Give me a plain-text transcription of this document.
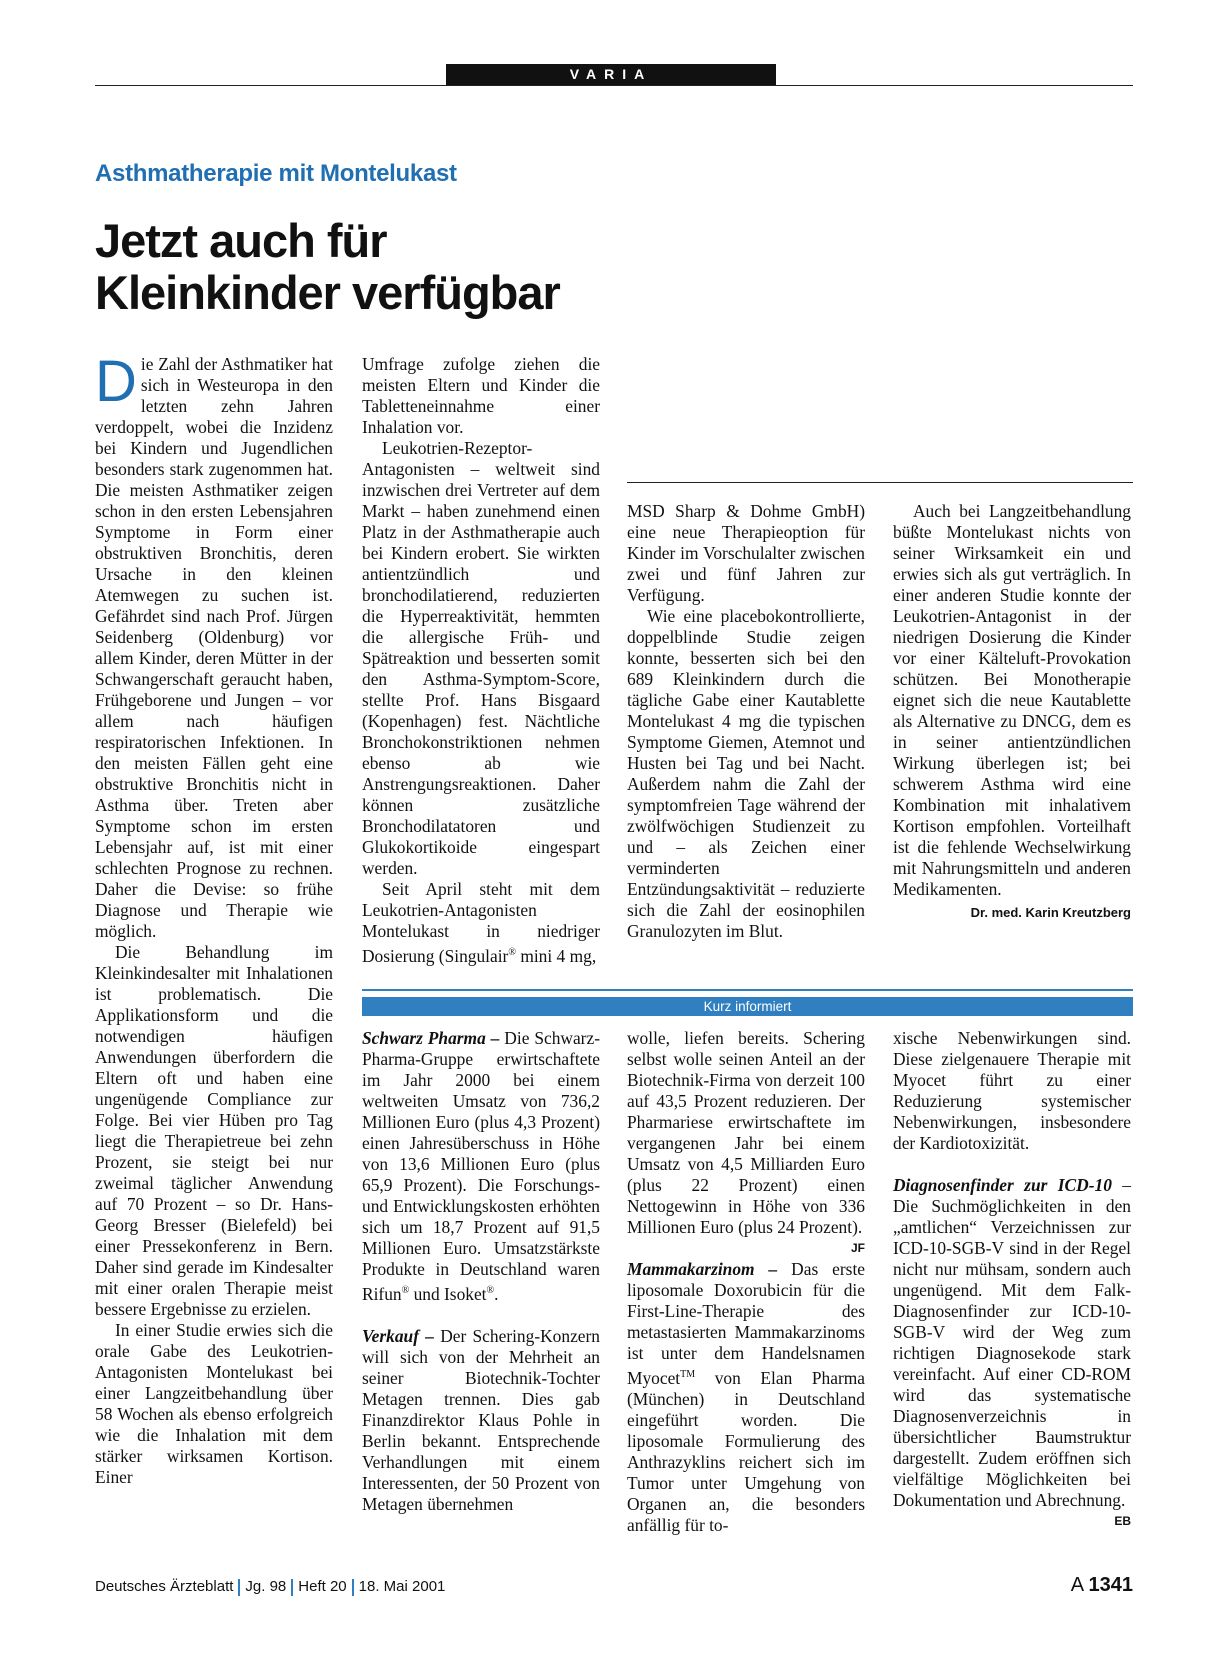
VARIA
Asthmatherapie mit Montelukast
Jetzt auch für
Kleinkinder verfügbar

Die Zahl der Asthmatiker hat sich in Westeuropa in den letzten zehn Jahren verdoppelt, wobei die Inzidenz bei Kindern und Jugendlichen besonders stark zugenommen hat. Die meisten Asthmatiker zeigen schon in den ersten Lebensjahren Symptome in Form einer obstruktiven Bronchitis, deren Ursache in den kleinen Atemwegen zu suchen ist. Gefährdet sind nach Prof. Jürgen Seidenberg (Oldenburg) vor allem Kinder, deren Mütter in der Schwangerschaft geraucht haben, Frühgeborene und Jungen – vor allem nach häufigen respiratorischen Infektionen. In den meisten Fällen geht eine obstruktive Bronchitis nicht in Asthma über. Treten aber Symptome schon im ersten Lebensjahr auf, ist mit einer schlechten Prognose zu rechnen. Daher die Devise: so frühe Diagnose und Therapie wie möglich.

Die Behandlung im Kleinkindesalter mit Inhalationen ist problematisch. Die Applikationsform und die notwendigen häufigen Anwendungen überfordern die Eltern oft und haben eine ungenügende Compliance zur Folge. Bei vier Hüben pro Tag liegt die Therapietreue bei zehn Prozent, sie steigt bei nur zweimal täglicher Anwendung auf 70 Prozent – so Dr. Hans-Georg Bresser (Bielefeld) bei einer Pressekonferenz in Bern. Daher sind gerade im Kindesalter mit einer oralen Therapie meist bessere Ergebnisse zu erzielen.

In einer Studie erwies sich die orale Gabe des Leukotrien-Antagonisten Montelukast bei einer Langzeitbehandlung über 58 Wochen als ebenso erfolgreich wie die Inhalation mit dem stärker wirksamen Kortison. Einer

Umfrage zufolge ziehen die meisten Eltern und Kinder die Tabletteneinnahme einer Inhalation vor.

Leukotrien-Rezeptor-Antagonisten – weltweit sind inzwischen drei Vertreter auf dem Markt – haben zunehmend einen Platz in der Asthmatherapie auch bei Kindern erobert. Sie wirkten antientzündlich und bronchodilatierend, reduzierten die Hyperreaktivität, hemmten die allergische Früh- und Spätreaktion und besserten somit den Asthma-Symptom-Score, stellte Prof. Hans Bisgaard (Kopenhagen) fest. Nächtliche Bronchokonstriktionen nehmen ebenso ab wie Anstrengungsreaktionen. Daher können zusätzliche Bronchodilatatoren und Glukokortikoide eingespart werden.

Seit April steht mit dem Leukotrien-Antagonisten Montelukast in niedriger Dosierung (Singulair® mini 4 mg,

MSD Sharp & Dohme GmbH) eine neue Therapieoption für Kinder im Vorschulalter zwischen zwei und fünf Jahren zur Verfügung.

Wie eine placebokontrollierte, doppelblinde Studie zeigen konnte, besserten sich bei den 689 Kleinkindern durch die tägliche Gabe einer Kautablette Montelukast 4 mg die typischen Symptome Giemen, Atemnot und Husten bei Tag und bei Nacht. Außerdem nahm die Zahl der symptomfreien Tage während der zwölfwöchigen Studienzeit zu und – als Zeichen einer verminderten Entzündungsaktivität – reduzierte sich die Zahl der eosinophilen Granulozyten im Blut.

Auch bei Langzeitbehandlung büßte Montelukast nichts von seiner Wirksamkeit ein und erwies sich als gut verträglich. In einer anderen Studie konnte der Leukotrien-Antagonist in der niedrigen Dosierung die Kinder vor einer Kälteluft-Provokation schützen. Bei Monotherapie eignet sich die neue Kautablette als Alternative zu DNCG, dem es in seiner antientzündlichen Wirkung überlegen ist; bei schwerem Asthma wird eine Kombination mit inhalativem Kortison empfohlen. Vorteilhaft ist die fehlende Wechselwirkung mit Nahrungsmitteln und anderen Medikamenten.

Dr. med. Karin Kreutzberg
Kurz informiert

Schwarz Pharma – Die Schwarz-Pharma-Gruppe erwirtschaftete im Jahr 2000 bei einem weltweiten Umsatz von 736,2 Millionen Euro (plus 4,3 Prozent) einen Jahresüberschuss in Höhe von 13,6 Millionen Euro (plus 65,9 Prozent). Die Forschungs- und Entwicklungskosten erhöhten sich um 18,7 Prozent auf 91,5 Millionen Euro. Umsatzstärkste Produkte in Deutschland waren Rifun® und Isoket®.

Verkauf – Der Schering-Konzern will sich von der Mehrheit an seiner Biotechnik-Tochter Metagen trennen. Dies gab Finanzdirektor Klaus Pohle in Berlin bekannt. Entsprechende Verhandlungen mit einem Interessenten, der 50 Prozent von Metagen übernehmen

wolle, liefen bereits. Schering selbst wolle seinen Anteil an der Biotechnik-Firma von derzeit 100 auf 43,5 Prozent reduzieren. Der Pharmariese erwirtschaftete im vergangenen Jahr bei einem Umsatz von 4,5 Milliarden Euro (plus 22 Prozent) einen Nettogewinn in Höhe von 336 Millionen Euro (plus 24 Prozent).
JF

Mammakarzinom – Das erste liposomale Doxorubicin für die First-Line-Therapie des metastasierten Mammakarzinoms ist unter dem Handelsnamen Myocet™ von Elan Pharma (München) in Deutschland eingeführt worden. Die liposomale Formulierung des Anthrazyklins reichert sich im Tumor unter Umgehung von Organen an, die besonders anfällig für to-

xische Nebenwirkungen sind. Diese zielgenauere Therapie mit Myocet führt zu einer Reduzierung systemischer Nebenwirkungen, insbesondere der Kardiotoxizität.

Diagnosenfinder zur ICD-10 – Die Suchmöglichkeiten in den „amtlichen“ Verzeichnissen zur ICD-10-SGB-V sind in der Regel nicht nur mühsam, sondern auch ungenügend. Mit dem Falk-Diagnosenfinder zur ICD-10-SGB-V wird der Weg zum richtigen Diagnosekode stark vereinfacht. Auf einer CD-ROM wird das systematische Diagnosenverzeichnis in übersichtlicher Baumstruktur dargestellt. Zudem eröffnen sich vielfältige Möglichkeiten bei Dokumentation und Abrechnung.
EB

Deutsches Ärzteblatt Jg. 98 Heft 20 18. Mai 2001	A 1341
